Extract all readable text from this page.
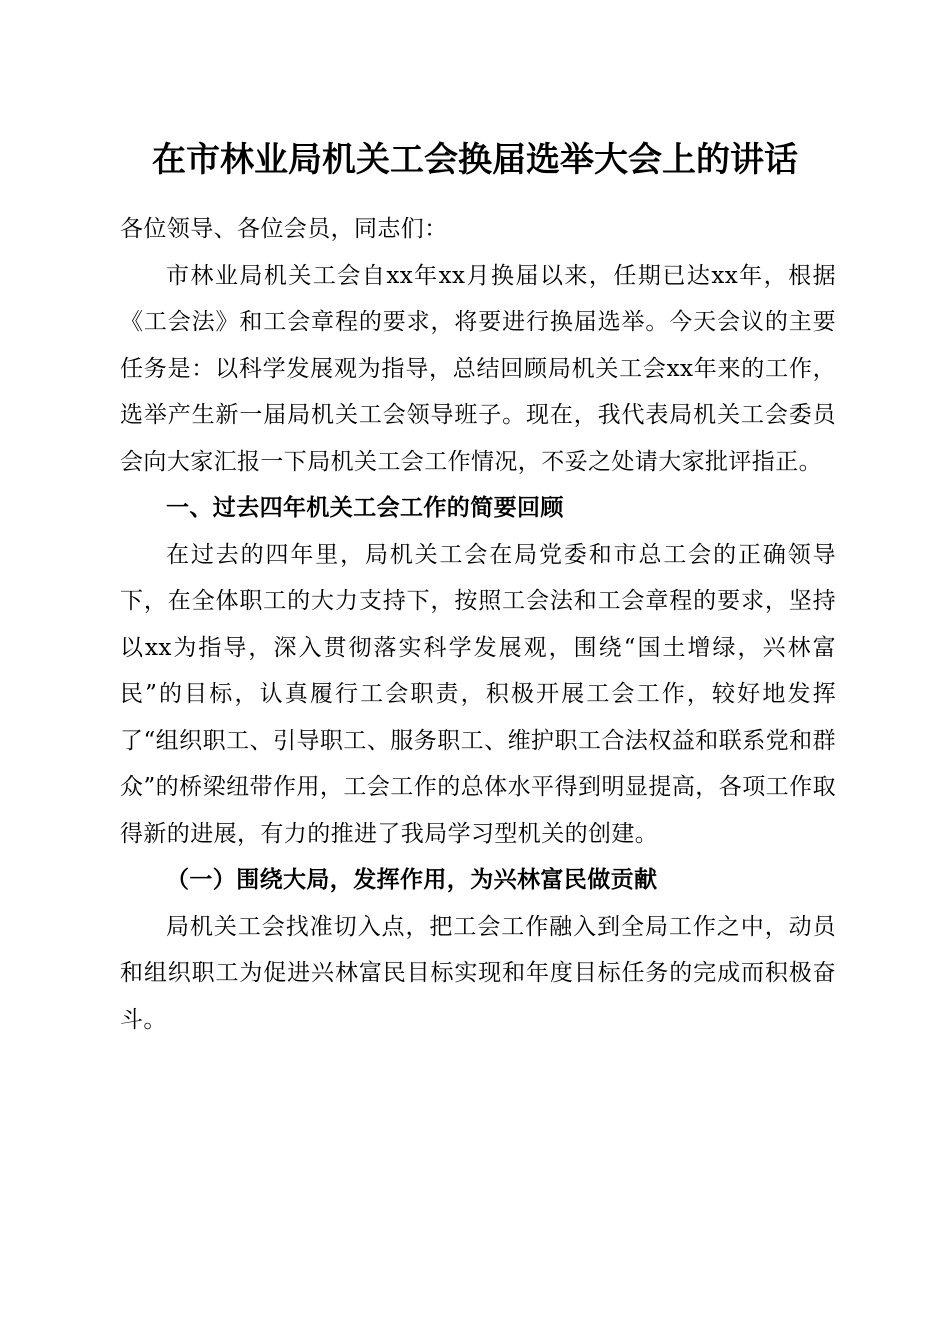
在市林业局机关工会换届选举大会上的讲话

各位领导、各位会员，同志们：

市林业局机关工会自xx年xx月换届以来，任期已达xx年，根据《工会法》和工会章程的要求，将要进行换届选举。今天会议的主要任务是：以科学发展观为指导，总结回顾局机关工会xx年来的工作，选举产生新一届局机关工会领导班子。现在，我代表局机关工会委员会向大家汇报一下局机关工会工作情况，不妥之处请大家批评指正。

一、过去四年机关工会工作的简要回顾

在过去的四年里，局机关工会在局党委和市总工会的正确领导下，在全体职工的大力支持下，按照工会法和工会章程的要求，坚持以xx为指导，深入贯彻落实科学发展观，围绕“国土增绿，兴林富民”的目标，认真履行工会职责，积极开展工会工作，较好地发挥了“组织职工、引导职工、服务职工、维护职工合法权益和联系党和群众”的桥梁纽带作用，工会工作的总体水平得到明显提高，各项工作取得新的进展，有力的推进了我局学习型机关的创建。

（一）围绕大局，发挥作用，为兴林富民做贡献

局机关工会找准切入点，把工会工作融入到全局工作之中，动员和组织职工为促进兴林富民目标实现和年度目标任务的完成而积极奋斗。
